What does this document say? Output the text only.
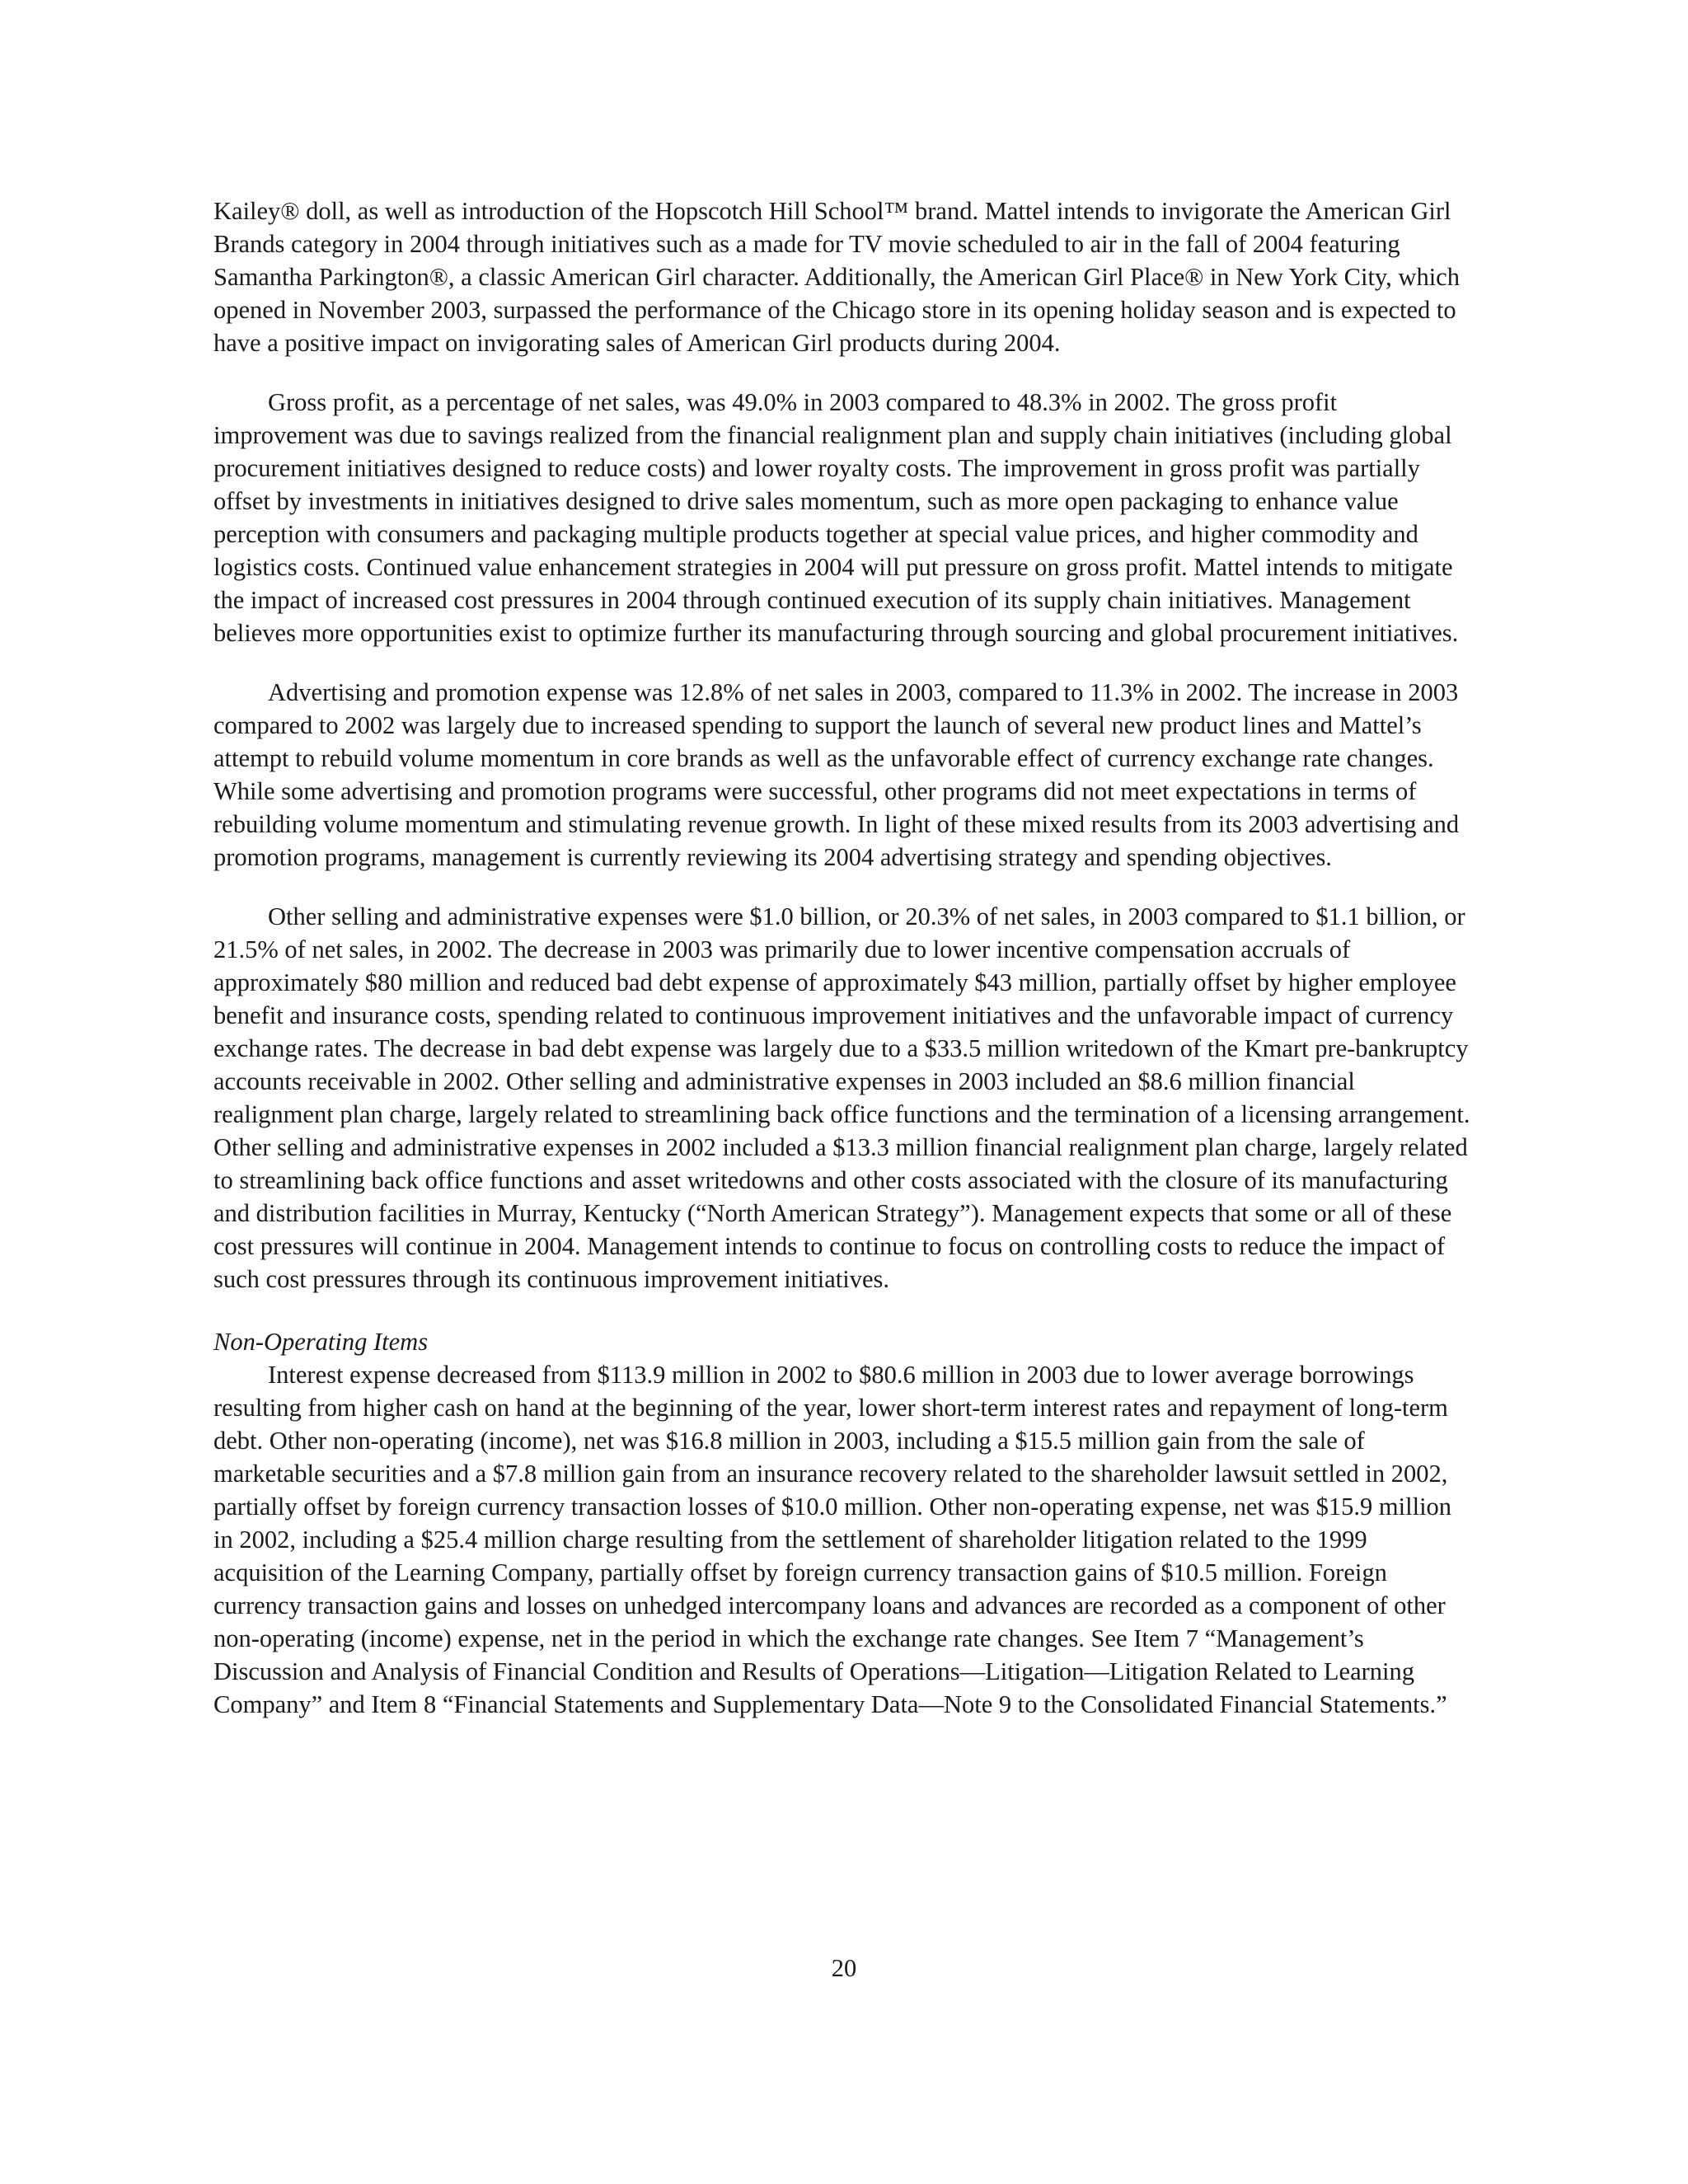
Kailey® doll, as well as introduction of the Hopscotch Hill School™ brand. Mattel intends to invigorate the American Girl Brands category in 2004 through initiatives such as a made for TV movie scheduled to air in the fall of 2004 featuring Samantha Parkington®, a classic American Girl character. Additionally, the American Girl Place® in New York City, which opened in November 2003, surpassed the performance of the Chicago store in its opening holiday season and is expected to have a positive impact on invigorating sales of American Girl products during 2004.

Gross profit, as a percentage of net sales, was 49.0% in 2003 compared to 48.3% in 2002. The gross profit improvement was due to savings realized from the financial realignment plan and supply chain initiatives (including global procurement initiatives designed to reduce costs) and lower royalty costs. The improvement in gross profit was partially offset by investments in initiatives designed to drive sales momentum, such as more open packaging to enhance value perception with consumers and packaging multiple products together at special value prices, and higher commodity and logistics costs. Continued value enhancement strategies in 2004 will put pressure on gross profit. Mattel intends to mitigate the impact of increased cost pressures in 2004 through continued execution of its supply chain initiatives. Management believes more opportunities exist to optimize further its manufacturing through sourcing and global procurement initiatives.

Advertising and promotion expense was 12.8% of net sales in 2003, compared to 11.3% in 2002. The increase in 2003 compared to 2002 was largely due to increased spending to support the launch of several new product lines and Mattel’s attempt to rebuild volume momentum in core brands as well as the unfavorable effect of currency exchange rate changes. While some advertising and promotion programs were successful, other programs did not meet expectations in terms of rebuilding volume momentum and stimulating revenue growth. In light of these mixed results from its 2003 advertising and promotion programs, management is currently reviewing its 2004 advertising strategy and spending objectives.

Other selling and administrative expenses were $1.0 billion, or 20.3% of net sales, in 2003 compared to $1.1 billion, or 21.5% of net sales, in 2002. The decrease in 2003 was primarily due to lower incentive compensation accruals of approximately $80 million and reduced bad debt expense of approximately $43 million, partially offset by higher employee benefit and insurance costs, spending related to continuous improvement initiatives and the unfavorable impact of currency exchange rates. The decrease in bad debt expense was largely due to a $33.5 million writedown of the Kmart pre-bankruptcy accounts receivable in 2002. Other selling and administrative expenses in 2003 included an $8.6 million financial realignment plan charge, largely related to streamlining back office functions and the termination of a licensing arrangement. Other selling and administrative expenses in 2002 included a $13.3 million financial realignment plan charge, largely related to streamlining back office functions and asset writedowns and other costs associated with the closure of its manufacturing and distribution facilities in Murray, Kentucky (“North American Strategy”). Management expects that some or all of these cost pressures will continue in 2004. Management intends to continue to focus on controlling costs to reduce the impact of such cost pressures through its continuous improvement initiatives.

Non-Operating Items

Interest expense decreased from $113.9 million in 2002 to $80.6 million in 2003 due to lower average borrowings resulting from higher cash on hand at the beginning of the year, lower short-term interest rates and repayment of long-term debt. Other non-operating (income), net was $16.8 million in 2003, including a $15.5 million gain from the sale of marketable securities and a $7.8 million gain from an insurance recovery related to the shareholder lawsuit settled in 2002, partially offset by foreign currency transaction losses of $10.0 million. Other non-operating expense, net was $15.9 million in 2002, including a $25.4 million charge resulting from the settlement of shareholder litigation related to the 1999 acquisition of the Learning Company, partially offset by foreign currency transaction gains of $10.5 million. Foreign currency transaction gains and losses on unhedged intercompany loans and advances are recorded as a component of other non-operating (income) expense, net in the period in which the exchange rate changes. See Item 7 “Management’s Discussion and Analysis of Financial Condition and Results of Operations—Litigation—Litigation Related to Learning Company” and Item 8 “Financial Statements and Supplementary Data—Note 9 to the Consolidated Financial Statements.”

20
